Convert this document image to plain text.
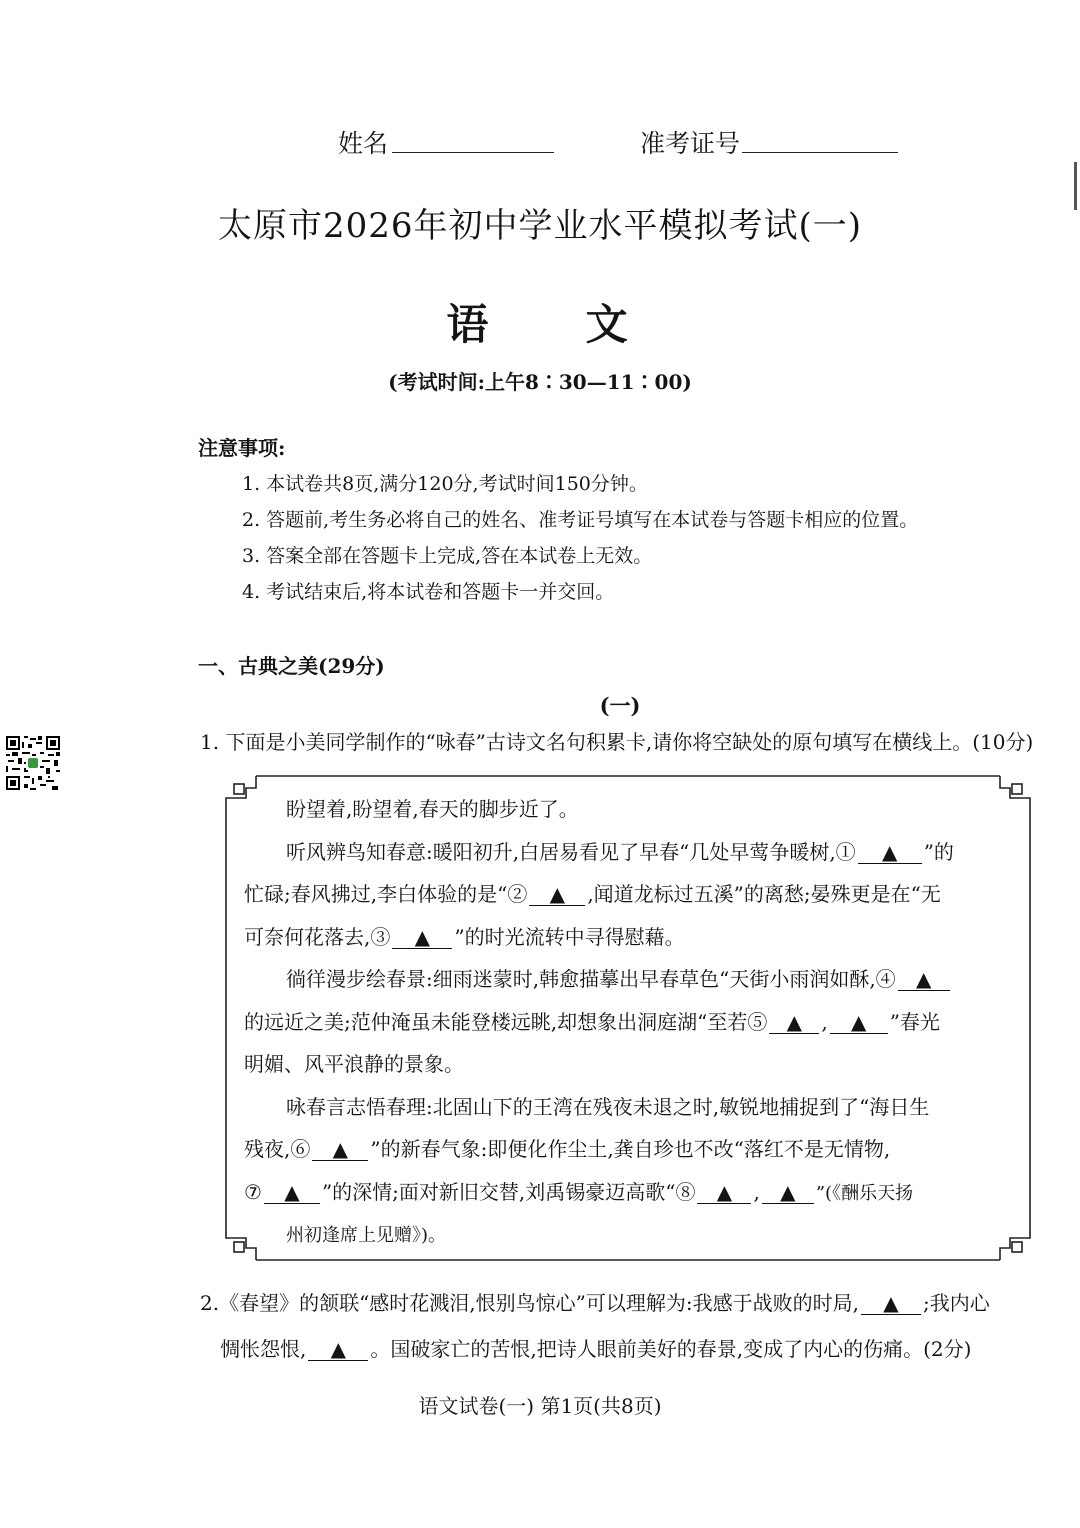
姓名	准考证号
太原市2026年初中学业水平模拟考试(一)
语 文
(考试时间:上午8∶30—11∶00)
注意事项:
1. 本试卷共8页,满分120分,考试时间150分钟。
2. 答题前,考生务必将自己的姓名、准考证号填写在本试卷与答题卡相应的位置。
3. 答案全部在答题卡上完成,答在本试卷上无效。
4. 考试结束后,将本试卷和答题卡一并交回。
一、古典之美(29分)
(一)
1. 下面是小美同学制作的“咏春”古诗文名句积累卡,请你将空缺处的原句填写在横线上。(10分)

盼望着,盼望着,春天的脚步近了。

听风辨鸟知春意:暖阳初升,白居易看见了早春“几处早莺争暖树,① ▲ ”的

忙碌;春风拂过,李白体验的是“② ▲ ,闻道龙标过五溪”的离愁;晏殊更是在“无

可奈何花落去,③ ▲ ”的时光流转中寻得慰藉。

徜徉漫步绘春景:细雨迷蒙时,韩愈描摹出早春草色“天街小雨润如酥,④ ▲

的远近之美;范仲淹虽未能登楼远眺,却想象出洞庭湖“至若⑤ ▲ , ▲ ”春光

明媚、风平浪静的景象。

咏春言志悟春理:北固山下的王湾在残夜未退之时,敏锐地捕捉到了“海日生

残夜,⑥ ▲ ”的新春气象:即便化作尘土,龚自珍也不改“落红不是无情物,

⑦ ▲ ”的深情;面对新旧交替,刘禹锡豪迈高歌“⑧ ▲ , ▲ ”(《酬乐天扬

州初逢席上见赠》)。

2.《春望》的颔联“感时花溅泪,恨别鸟惊心”可以理解为:我感于战败的时局, ▲ ;我内心

惆怅怨恨, ▲ 。国破家亡的苦恨,把诗人眼前美好的春景,变成了内心的伤痛。(2分)

语文试卷(一) 第1页(共8页)
